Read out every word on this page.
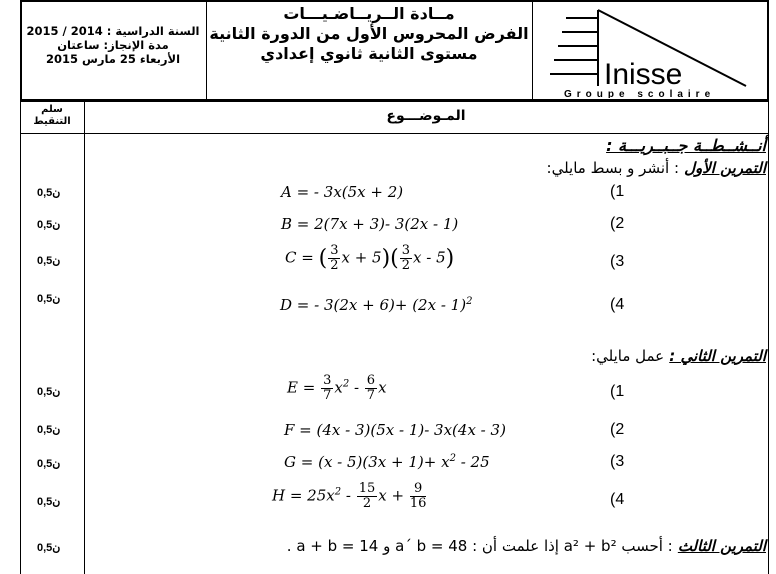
السنة الدراسية : 2014 / 2015
مدة الإنجاز: ساعتان
الأربعاء 25 مارس 2015
مــادة الــريــاضـيـــات
الفرض المحروس الأول من الدورة الثانية
مستوى الثانية ثانوي إعدادي
Inisse
Groupe scolaire
سلم التنقيط	المـوضـــوع
أنــشــطــة جــبــريـــة :
التمرين الأول : أنشر و بسط مايلي:
ن0,5	A = - 3x(5x + 2)	(1
ن0,5	B = 2(7x + 3)- 3(2x - 1)	(2
ن0,5	C = ( $\frac{3}{2}$ $x + 5)( \frac{3}{2}$ x - 5)	(3
ن0,5	D = - 3(2x + 6)+ (2x - 1)$^2$	(4
التمرين الثاني : عمل مايلي:
ن0,5	$E = \frac{3}{7} x^2 - \frac{6}{7}$ x	(1
ن0,5	F = (4x - 3)(5x - 1)- 3x(4x - 3)	(2
ن0,5	$G = (x - 5)(3x + 1)+ x^2 - 25$	(3
ن0,5	$H = 25x^2 - \frac{15}{2}$ $x + \frac{9}{16}$	(4
ن0,5	التمرين الثالث : أحسب a² + b² إذا علمت أن : 48 = a´ b و 14 = a + b .
